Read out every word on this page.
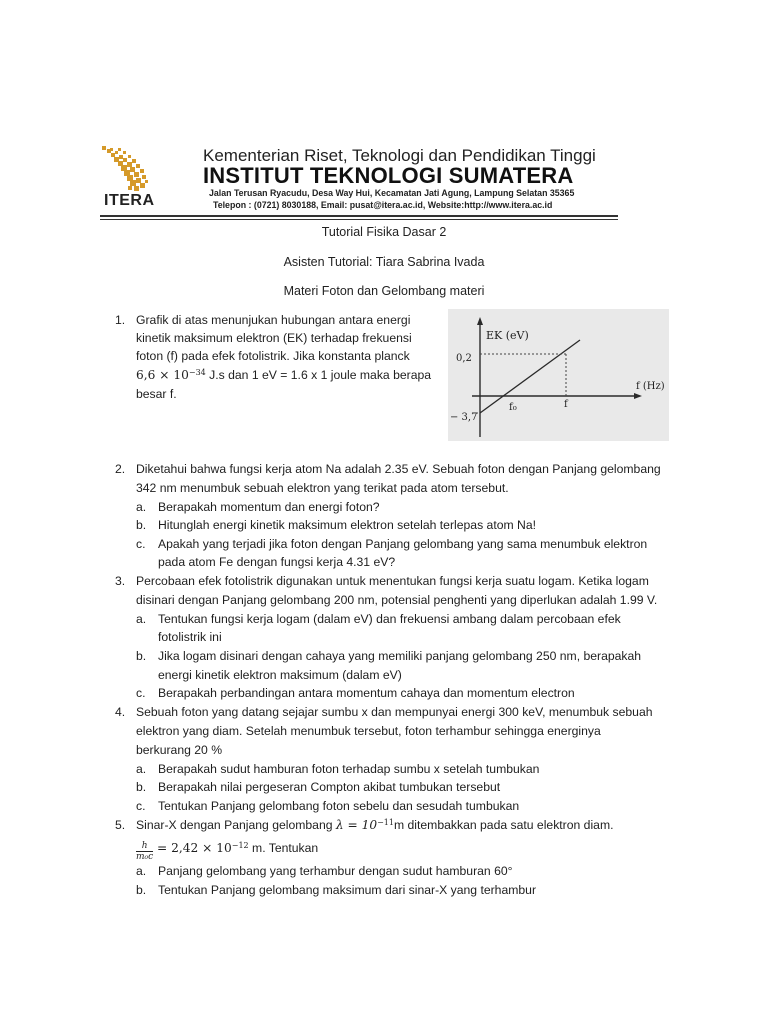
ITERA
Kementerian Riset, Teknologi dan Pendidikan Tinggi
INSTITUT TEKNOLOGI SUMATERA
Jalan Terusan Ryacudu, Desa Way Hui, Kecamatan Jati Agung, Lampung Selatan 35365
Telepon : (0721) 8030188, Email: pusat@itera.ac.id, Website:http://www.itera.ac.id
Tutorial Fisika Dasar 2
Asisten Tutorial: Tiara Sabrina Ivada
Materi Foton dan Gelombang materi
1. Grafik di atas menunjukan hubungan antara energi
kinetik maksimum elektron (EK) terhadap frekuensi
foton (f) pada efek fotolistrik. Jika konstanta planck
$6,6 \times 10^{-34}$ J.s dan 1 eV = 1.6 x 1 joule maka berapa
besar f.
EK (eV)
0,2
− 3,7
f₀	f
f (Hz)
2. Diketahui bahwa fungsi kerja atom Na adalah 2.35 eV. Sebuah foton dengan Panjang gelombang
342 nm menumbuk sebuah elektron yang terikat pada atom tersebut.
a. Berapakah momentum dan energi foton?
b. Hitunglah energi kinetik maksimum elektron setelah terlepas atom Na!
c. Apakah yang terjadi jika foton dengan Panjang gelombang yang sama menumbuk elektron
pada atom Fe dengan fungsi kerja 4.31 eV?
3. Percobaan efek fotolistrik digunakan untuk menentukan fungsi kerja suatu logam. Ketika logam
disinari dengan Panjang gelombang 200 nm, potensial penghenti yang diperlukan adalah 1.99 V.
a. Tentukan fungsi kerja logam (dalam eV) dan frekuensi ambang dalam percobaan efek
fotolistrik ini
b. Jika logam disinari dengan cahaya yang memiliki panjang gelombang 250 nm, berapakah
energi kinetik elektron maksimum (dalam eV)
c. Berapakah perbandingan antara momentum cahaya dan momentum electron
4. Sebuah foton yang datang sejajar sumbu x dan mempunyai energi 300 keV, menumbuk sebuah
elektron yang diam. Setelah menumbuk tersebut, foton terhambur sehingga energinya
berkurang 20 %
a. Berapakah sudut hamburan foton terhadap sumbu x setelah tumbukan
b. Berapakah nilai pergeseran Compton akibat tumbukan tersebut
c. Tentukan Panjang gelombang foton sebelu dan sesudah tumbukan
5. Sinar-X dengan Panjang gelombang $\lambda = 10^{-11}m$ ditembakkan pada satu elektron diam.
$\frac{h}{\text{m₀c}} = 2,42 \times 10^{-12}$ m. Tentukan
a. Panjang gelombang yang terhambur dengan sudut hamburan 60°
b. Tentukan Panjang gelombang maksimum dari sinar-X yang terhambur
